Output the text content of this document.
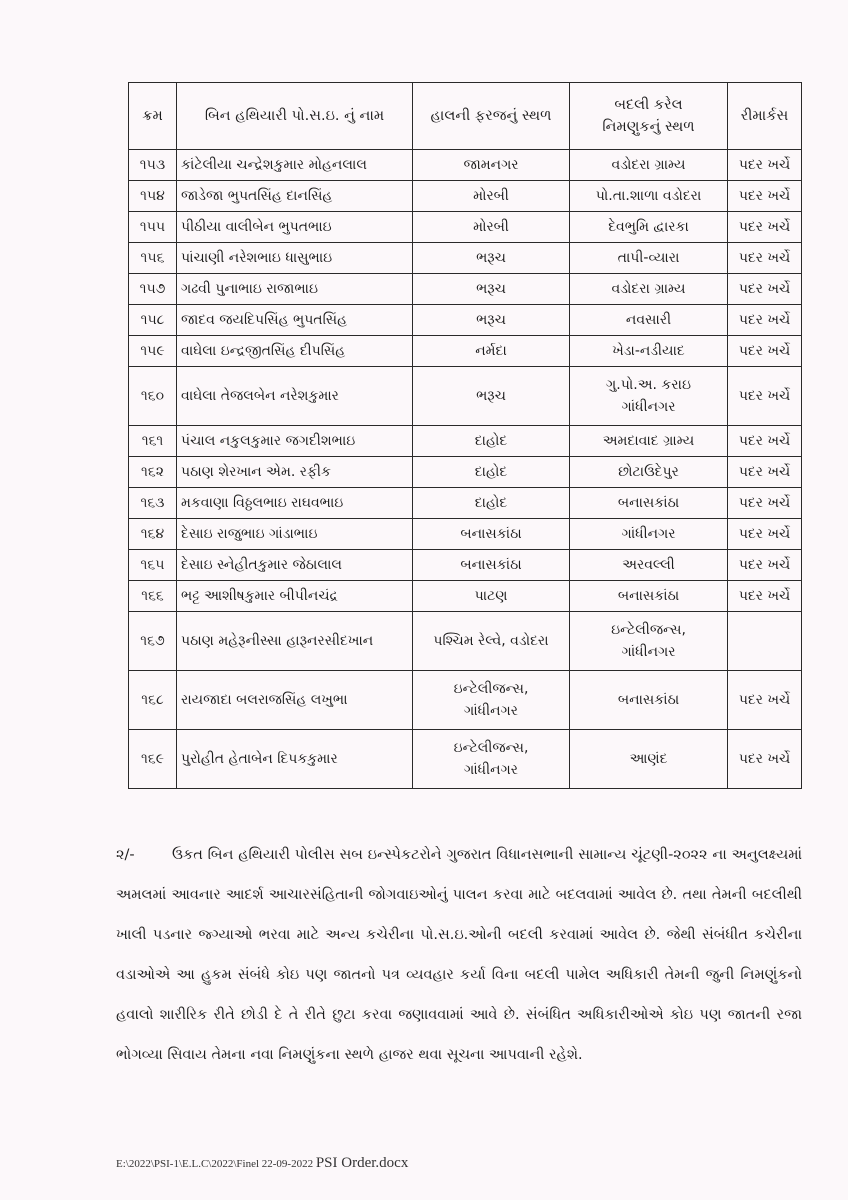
ક્રમ	બિન હથિયારી પો.સ.ઇ. નું નામ	હાલની ફરજનું સ્થળ	બદલી કરેલ
નિમણુકનું સ્થળ	રીમાર્કસ
૧૫૩	કાંટેલીયા ચન્દ્રેશકુમાર મોહનલાલ	જામનગર	વડોદરા ગ્રામ્ય	પદર ખર્ચે
૧૫૪	જાડેજા ભુપતસિંહ દાનસિંહ	મોરબી	પો.તા.શાળા વડોદરા	પદર ખર્ચે
૧૫૫	પીઠીયા વાલીબેન ભુપતભાઇ	મોરબી	દેવભુમિ દ્વારકા	પદર ખર્ચે
૧૫૬	પાંચાણી નરેશભાઇ ધાસુભાઇ	ભરૂચ	તાપી-વ્યારા	પદર ખર્ચે
૧૫૭	ગઢવી પુનાભાઇ રાજાભાઇ	ભરૂચ	વડોદરા ગ્રામ્ય	પદર ખર્ચે
૧૫૮	જાદવ જયદિપસિંહ ભુપતસિંહ	ભરૂચ	નવસારી	પદર ખર્ચે
૧૫૯	વાઘેલા ઇન્દ્રજીતસિંહ દીપસિંહ	નર્મદા	ખેડા-નડીયાદ	પદર ખર્ચે
૧૬૦	વાઘેલા તેજલબેન નરેશકુમાર	ભરૂચ	ગુ.પો.અ. કરાઇ
ગાંધીનગર	પદર ખર્ચે
૧૬૧	પંચાલ નકુલકુમાર જગદીશભાઇ	દાહોદ	અમદાવાદ ગ્રામ્ય	પદર ખર્ચે
૧૬૨	પઠાણ શેરખાન એમ. રફીક	દાહોદ	છોટાઉદેપુર	પદર ખર્ચે
૧૬૩	મકવાણા વિઠ્ઠલભાઇ રાઘવભાઇ	દાહોદ	બનાસકાંઠા	પદર ખર્ચે
૧૬૪	દેસાઇ રાજુભાઇ ગાંડાભાઇ	બનાસકાંઠા	ગાંધીનગર	પદર ખર્ચે
૧૬૫	દેસાઇ સ્નેહીતકુમાર જેઠાલાલ	બનાસકાંઠા	અરવલ્લી	પદર ખર્ચે
૧૬૬	ભટ્ટ આશીષકુમાર બીપીનચંદ્ર	પાટણ	બનાસકાંઠા	પદર ખર્ચે
૧૬૭	પઠાણ મહેરૂનીસ્સા હારૂનરસીદખાન	પશ્ચિમ રેલ્વે, વડોદરા	ઇન્ટેલીજન્સ,
ગાંધીનગર	

૧૬૮	રાયજાદા બલરાજસિંહ લખુભા	ઇન્ટેલીજન્સ,
ગાંધીનગર	બનાસકાંઠા	પદર ખર્ચે
૧૬૯	પુરોહીત હેતાબેન દિપકકુમાર	ઇન્ટેલીજન્સ,
ગાંધીનગર	આણંદ	પદર ખર્ચે

૨/-	ઉકત બિન હથિયારી પોલીસ સબ ઇન્સ્પેકટરોને ગુજરાત વિધાનસભાની સામાન્ય ચૂંટણી-૨૦૨૨ ના અનુલક્ષ્યમાં અમલમાં આવનાર આદર્શ આચારસંહિતાની જોગવાઇઓનું પાલન કરવા માટે બદલવામાં આવેલ છે. તથા તેમની બદલીથી ખાલી પડનાર જ્ગ્યાઓ ભરવા માટે અન્ય કચેરીના પો.સ.ઇ.ઓની બદલી કરવામાં આવેલ છે. જેથી સંબંધીત કચેરીના વડાઓએ આ હુકમ સંબંધે કોઇ પણ જાતનો પત્ર વ્યવહાર કર્યા વિના બદલી પામેલ અધિકારી તેમની જુની નિમણુંકનો હવાલો શારીરિક રીતે છોડી દે તે રીતે છુટા કરવા જણાવવામાં આવે છે. સંબંધિત અધિકારીઓએ કોઇ પણ જાતની રજા ભોગવ્યા સિવાય તેમના નવા નિમણુંકના સ્થળે હાજર થવા સૂચના આપવાની રહેશે.

E:\2022\PSI-1\E.L.C\2022\Finel 22-09-2022 PSI Order.docx
